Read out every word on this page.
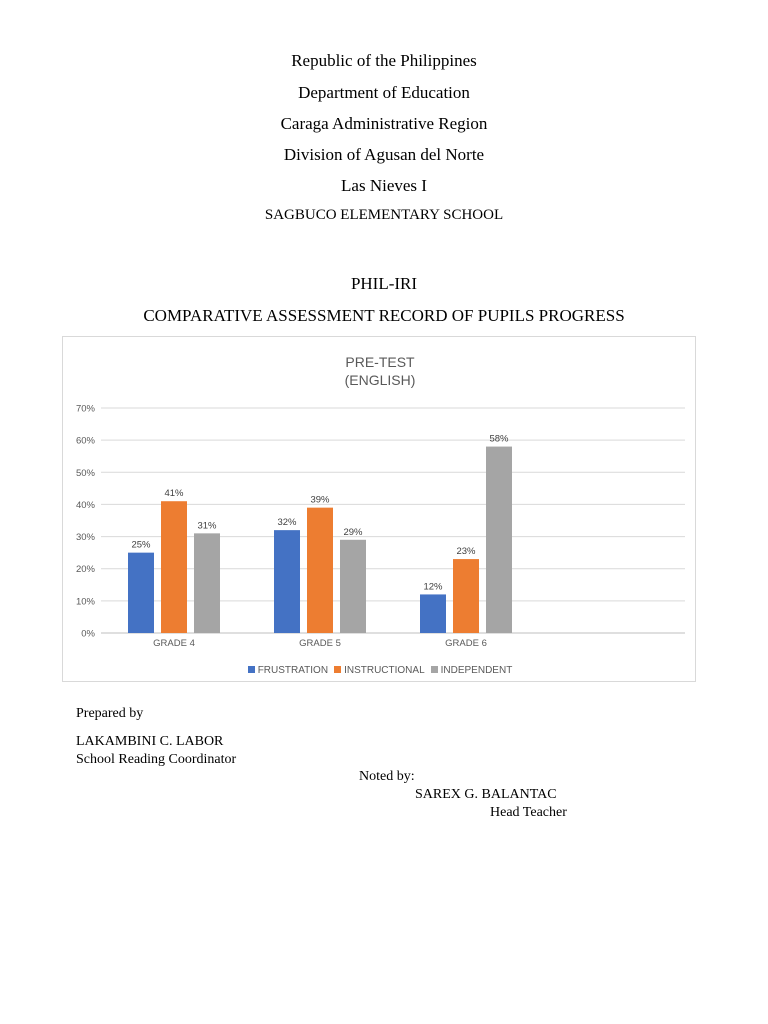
Republic of the Philippines
Department of Education
Caraga Administrative Region
Division of Agusan del Norte
Las Nieves I
SAGBUCO ELEMENTARY SCHOOL
PHIL-IRI
COMPARATIVE ASSESSMENT RECORD OF PUPILS PROGRESS
PRE-TEST
(ENGLISH)
0%
10%
20%
30%
40%
50%
60%
70%
25%
41%
31%
GRADE 4
32%
39%
29%
GRADE 5
12%
23%
58%
GRADE 6
FRUSTRATION INSTRUCTIONAL INDEPENDENT
Prepared by
LAKAMBINI C. LABOR
School Reading Coordinator
Noted by:
SAREX G. BALANTAC
Head Teacher
